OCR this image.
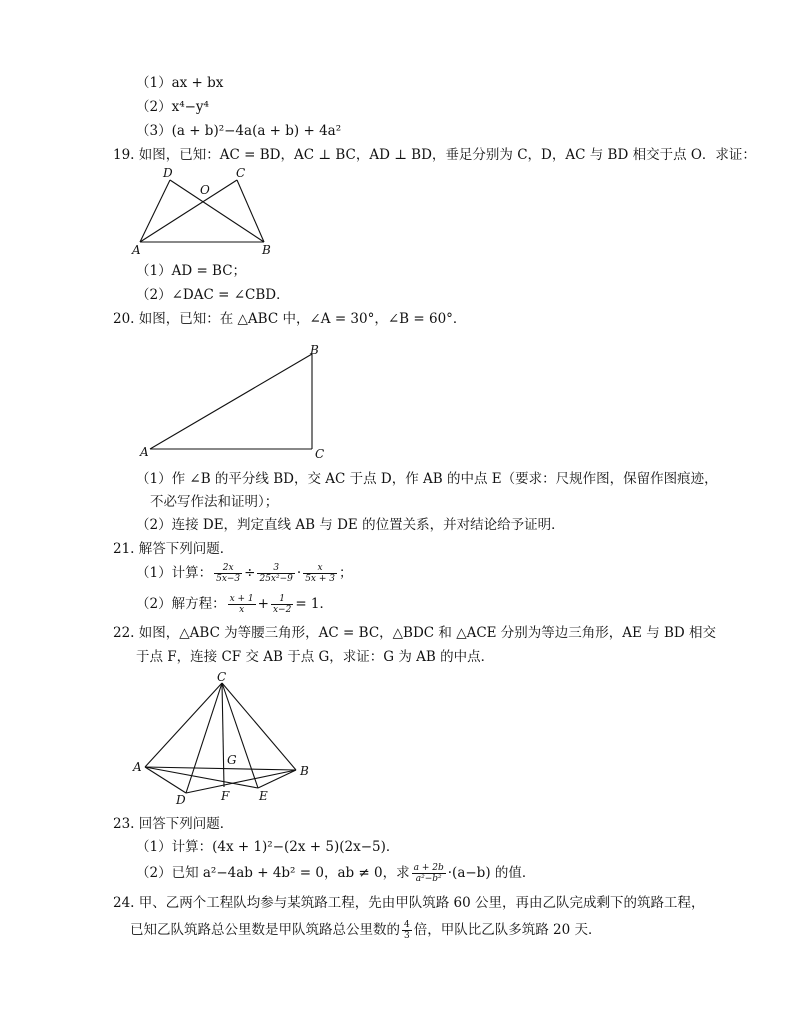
（1）ax + bx
（2）x⁴−y⁴
（3）(a + b)²−4a(a + b) + 4a²
19. 如图，已知：AC = BD，AC ⊥ BC，AD ⊥ BD，垂足分别为 C，D，AC 与 BD 相交于点 O．求证：
D	C
O
A	B
（1）AD = BC；
（2）∠DAC = ∠CBD．
20. 如图，已知：在 △ABC 中，∠A = 30°，∠B = 60°．
B
A	C
（1）作 ∠B 的平分线 BD，交 AC 于点 D，作 AB 的中点 E（要求：尺规作图，保留作图痕迹，
不必写作法和证明）；
（2）连接 DE，判定直线 AB 与 DE 的位置关系，并对结论给予证明．
21. 解答下列问题．
（1）计算： $\frac{2x}{5x-3} \div \frac{3}{\text{25x²−9}} \cdot \frac{x}{5x + 3}$ ；
（2）解方程： $\frac{x + 1}{x} + \frac{1}{x-2} = 1$．
22. 如图，△ABC 为等腰三角形，AC = BC，△BDC 和 △ACE 分别为等边三角形，AE 与 BD 相交
于点 F，连接 CF 交 AB 于点 G，求证：G 为 AB 的中点．
C
A	B
G
D	F E
23. 回答下列问题．
（1）计算：(4x + 1)²−(2x + 5)(2x−5)．
（2）已知 a²−4ab + 4b² = 0，ab ≠ 0，求 $\frac{a + 2b}{\text{a²−b²}} \cdot(a-b)$ 的值．
24. 甲、乙两个工程队均参与某筑路工程，先由甲队筑路 60 公里，再由乙队完成剩下的筑路工程，
已知乙队筑路总公里数是甲队筑路总公里数的 $\frac{4}{3}$ 倍，甲队比乙队多筑路 20 天．
